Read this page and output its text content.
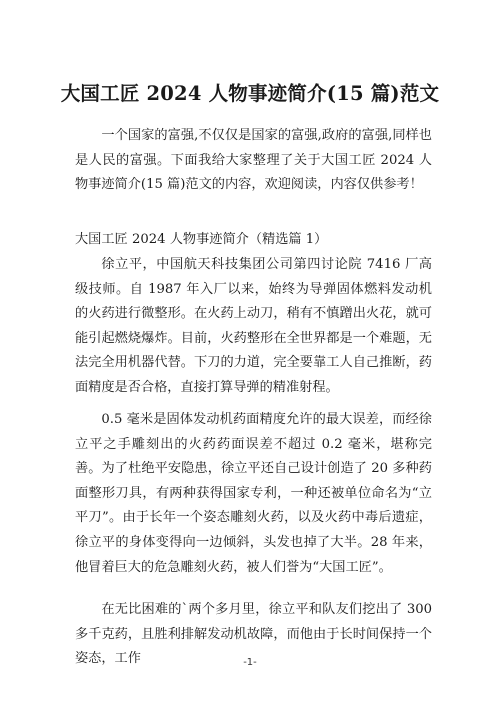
大国工匠 2024 人物事迹简介(15 篇)范文

一个国家的富强,不仅仅是国家的富强,政府的富强,同样也是人民的富强。下面我给大家整理了关于大国工匠 2024 人物事迹简介(15 篇)范文的内容，欢迎阅读，内容仅供参考！

大国工匠 2024 人物事迹简介（精选篇 1）

徐立平，中国航天科技集团公司第四讨论院 7416 厂高级技师。自 1987 年入厂以来，始终为导弹固体燃料发动机的火药进行微整形。在火药上动刀，稍有不慎蹭出火花，就可能引起燃烧爆炸。目前，火药整形在全世界都是一个难题，无法完全用机器代替。下刀的力道，完全要靠工人自己推断，药面精度是否合格，直接打算导弹的精准射程。

0.5 毫米是固体发动机药面精度允许的最大误差，而经徐立平之手雕刻出的火药药面误差不超过 0.2 毫米，堪称完善。为了杜绝平安隐患，徐立平还自己设计创造了 20 多种药面整形刀具，有两种获得国家专利，一种还被单位命名为“立平刀”。由于长年一个姿态雕刻火药，以及火药中毒后遗症，徐立平的身体变得向一边倾斜，头发也掉了大半。28 年来，他冒着巨大的危急雕刻火药，被人们誉为“大国工匠”。

在无比困难的`两个多月里，徐立平和队友们挖出了 300 多千克药，且胜利排解发动机故障，而他由于长时间保持一个姿态，工作	-1-
